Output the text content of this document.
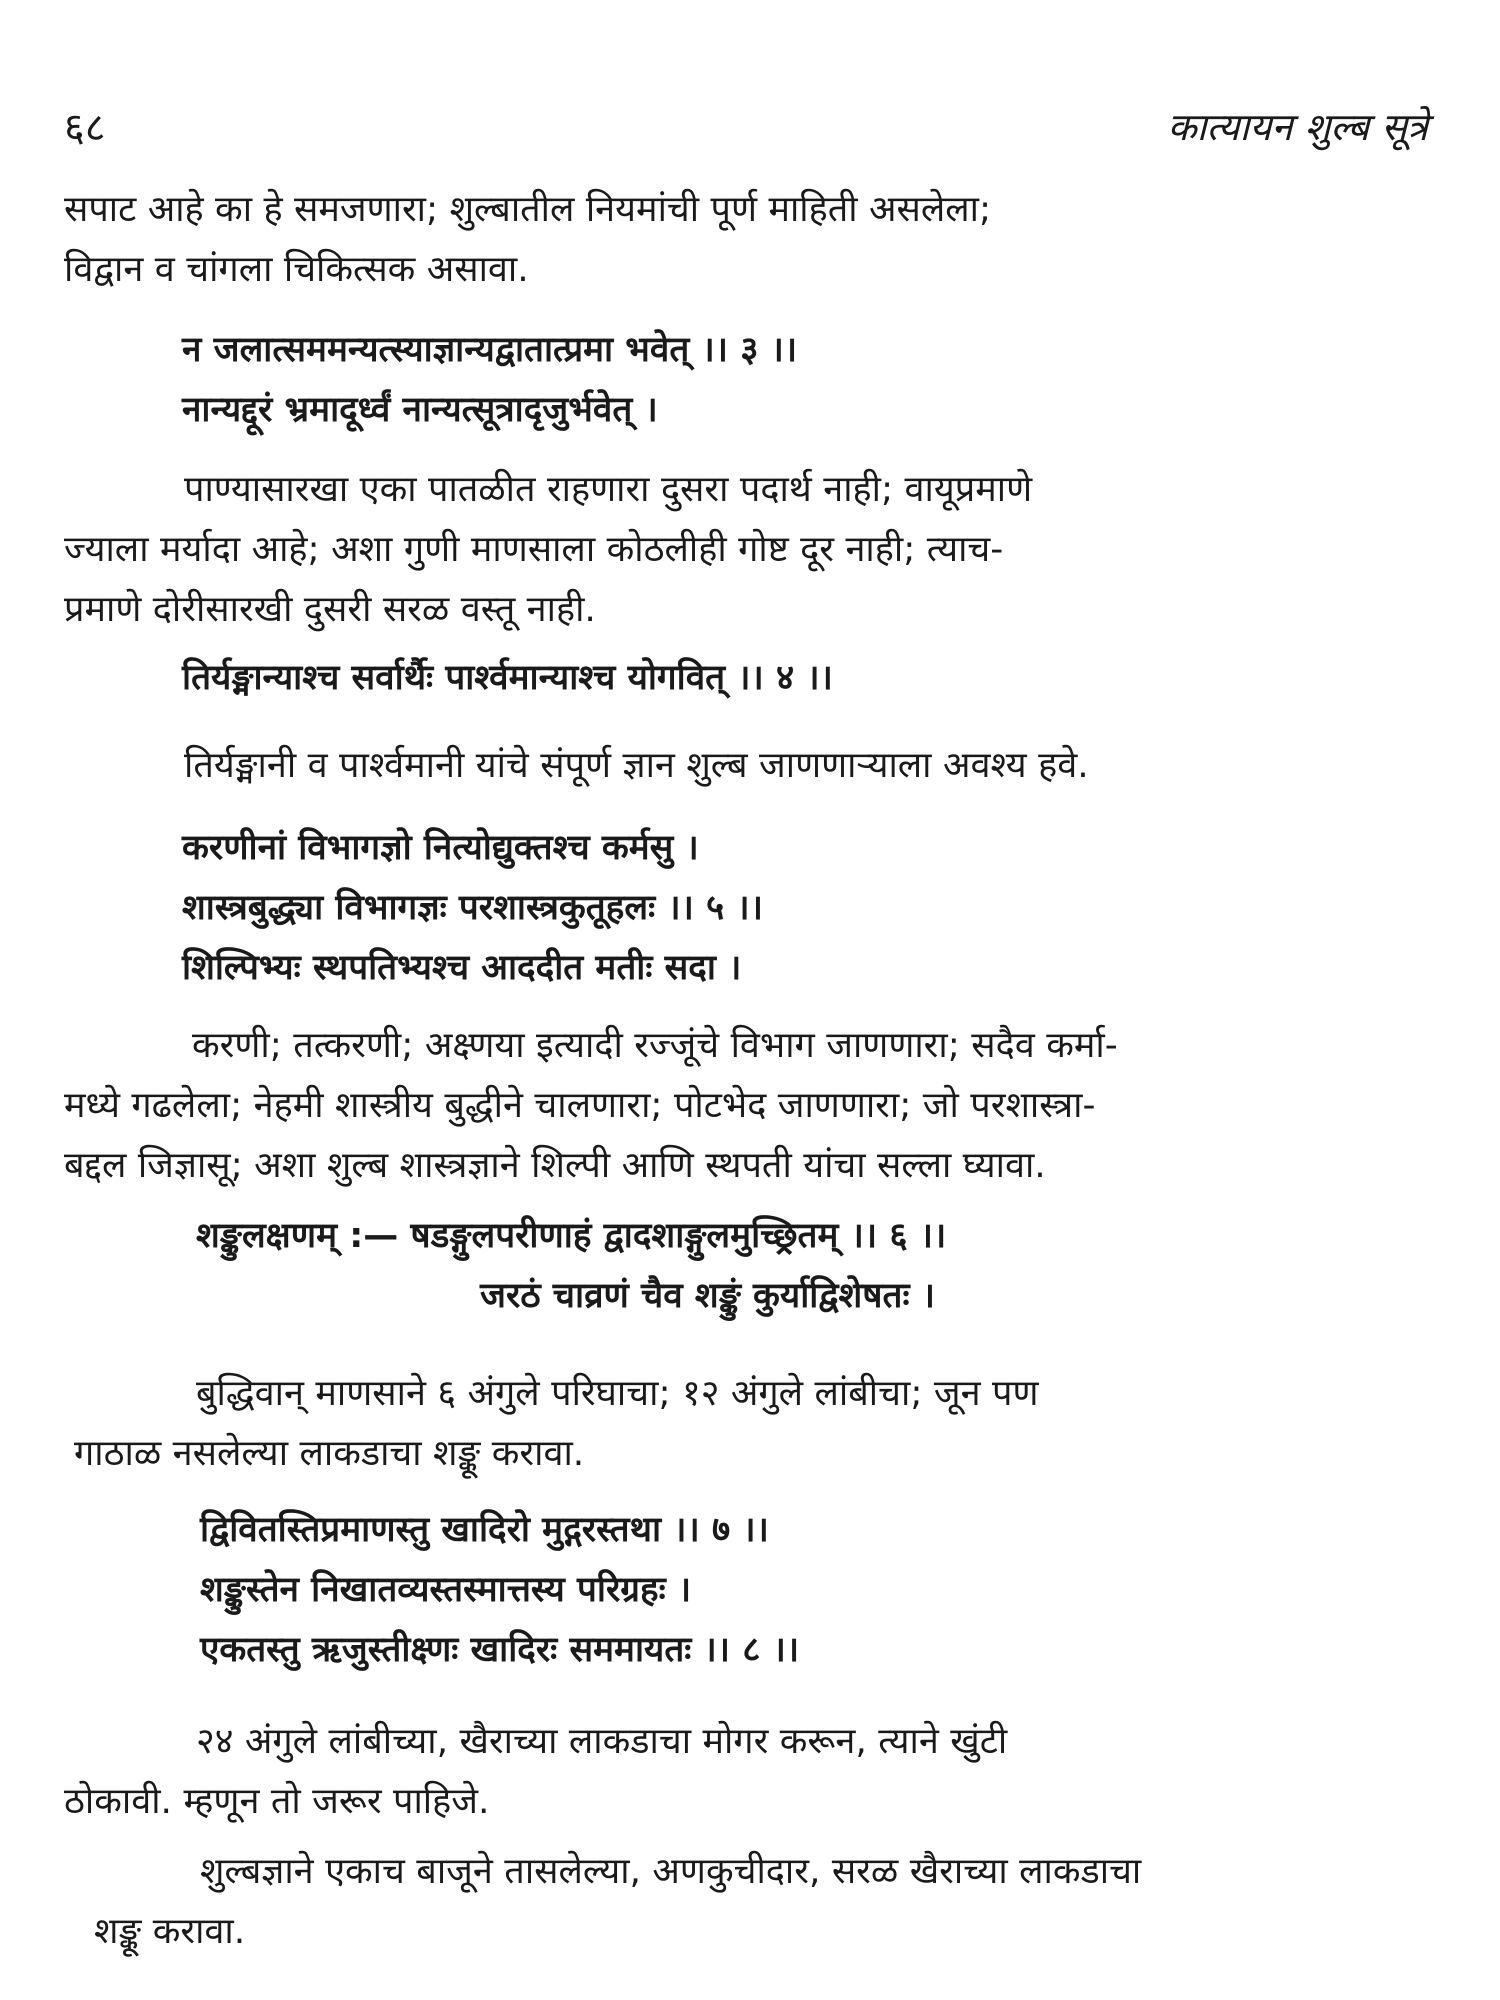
६८	कात्यायन शुल्ब सूत्रे
सपाट आहे का हे समजणारा; शुल्बातील नियमांची पूर्ण माहिती असलेला;
विद्वान व चांगला चिकित्सक असावा.
न जलात्सममन्यत्स्याज्ञान्यद्वातात्प्रमा भवेत् ।। ३ ।।
नान्यद्दूरं भ्रमादूर्ध्वं नान्यत्सूत्रादृजुर्भवेत् ।
पाण्यासारखा एका पातळीत राहणारा दुसरा पदार्थ नाही; वायूप्रमाणे
ज्याला मर्यादा आहे; अशा गुणी माणसाला कोठलीही गोष्ट दूर नाही; त्याच-
प्रमाणे दोरीसारखी दुसरी सरळ वस्तू नाही.
तिर्यङ्मान्याश्च सर्वार्थैः पार्श्वमान्याश्च योगवित् ।। ४ ।।
तिर्यङ्मानी व पार्श्वमानी यांचे संपूर्ण ज्ञान शुल्ब जाणणाऱ्याला अवश्य हवे.
करणीनां विभागज्ञो नित्योद्युक्तश्च कर्मसु ।
शास्त्रबुद्ध्या विभागज्ञः परशास्त्रकुतूहलः ।। ५ ।।
शिल्पिभ्यः स्थपतिभ्यश्च आददीत मतीः सदा ।
करणी; तत्करणी; अक्ष्णया इत्यादी रज्जूंचे विभाग जाणणारा; सदैव कर्मा-
मध्ये गढलेला; नेहमी शास्त्रीय बुद्धीने चालणारा; पोटभेद जाणणारा; जो परशास्त्रा-
बद्दल जिज्ञासू; अशा शुल्ब शास्त्रज्ञाने शिल्पी आणि स्थपती यांचा सल्ला घ्यावा.
शङ्कुलक्षणम् :— षडङ्गुलपरीणाहं द्वादशाङ्गुलमुच्छ्रितम् ।। ६ ।।
जरठं चाव्रणं चैव शङ्कुं कुर्याद्विशेषतः ।
बुद्धिवान् माणसाने ६ अंगुले परिघाचा; १२ अंगुले लांबीचा; जून पण
गाठाळ नसलेल्या लाकडाचा शङ्कू करावा.
द्विवितस्तिप्रमाणस्तु खादिरो मुद्गरस्तथा ।। ७ ।।
शङ्कुस्तेन निखातव्यस्तस्मात्तस्य परिग्रहः ।
एकतस्तु ऋजुस्तीक्ष्णः खादिरः सममायतः ।। ८ ।।
२४ अंगुले लांबीच्या, खैराच्या लाकडाचा मोगर करून, त्याने खुंटी
ठोकावी. म्हणून तो जरूर पाहिजे.
शुल्बज्ञाने एकाच बाजूने तासलेल्या, अणकुचीदार, सरळ खैराच्या लाकडाचा
शङ्कू करावा.
